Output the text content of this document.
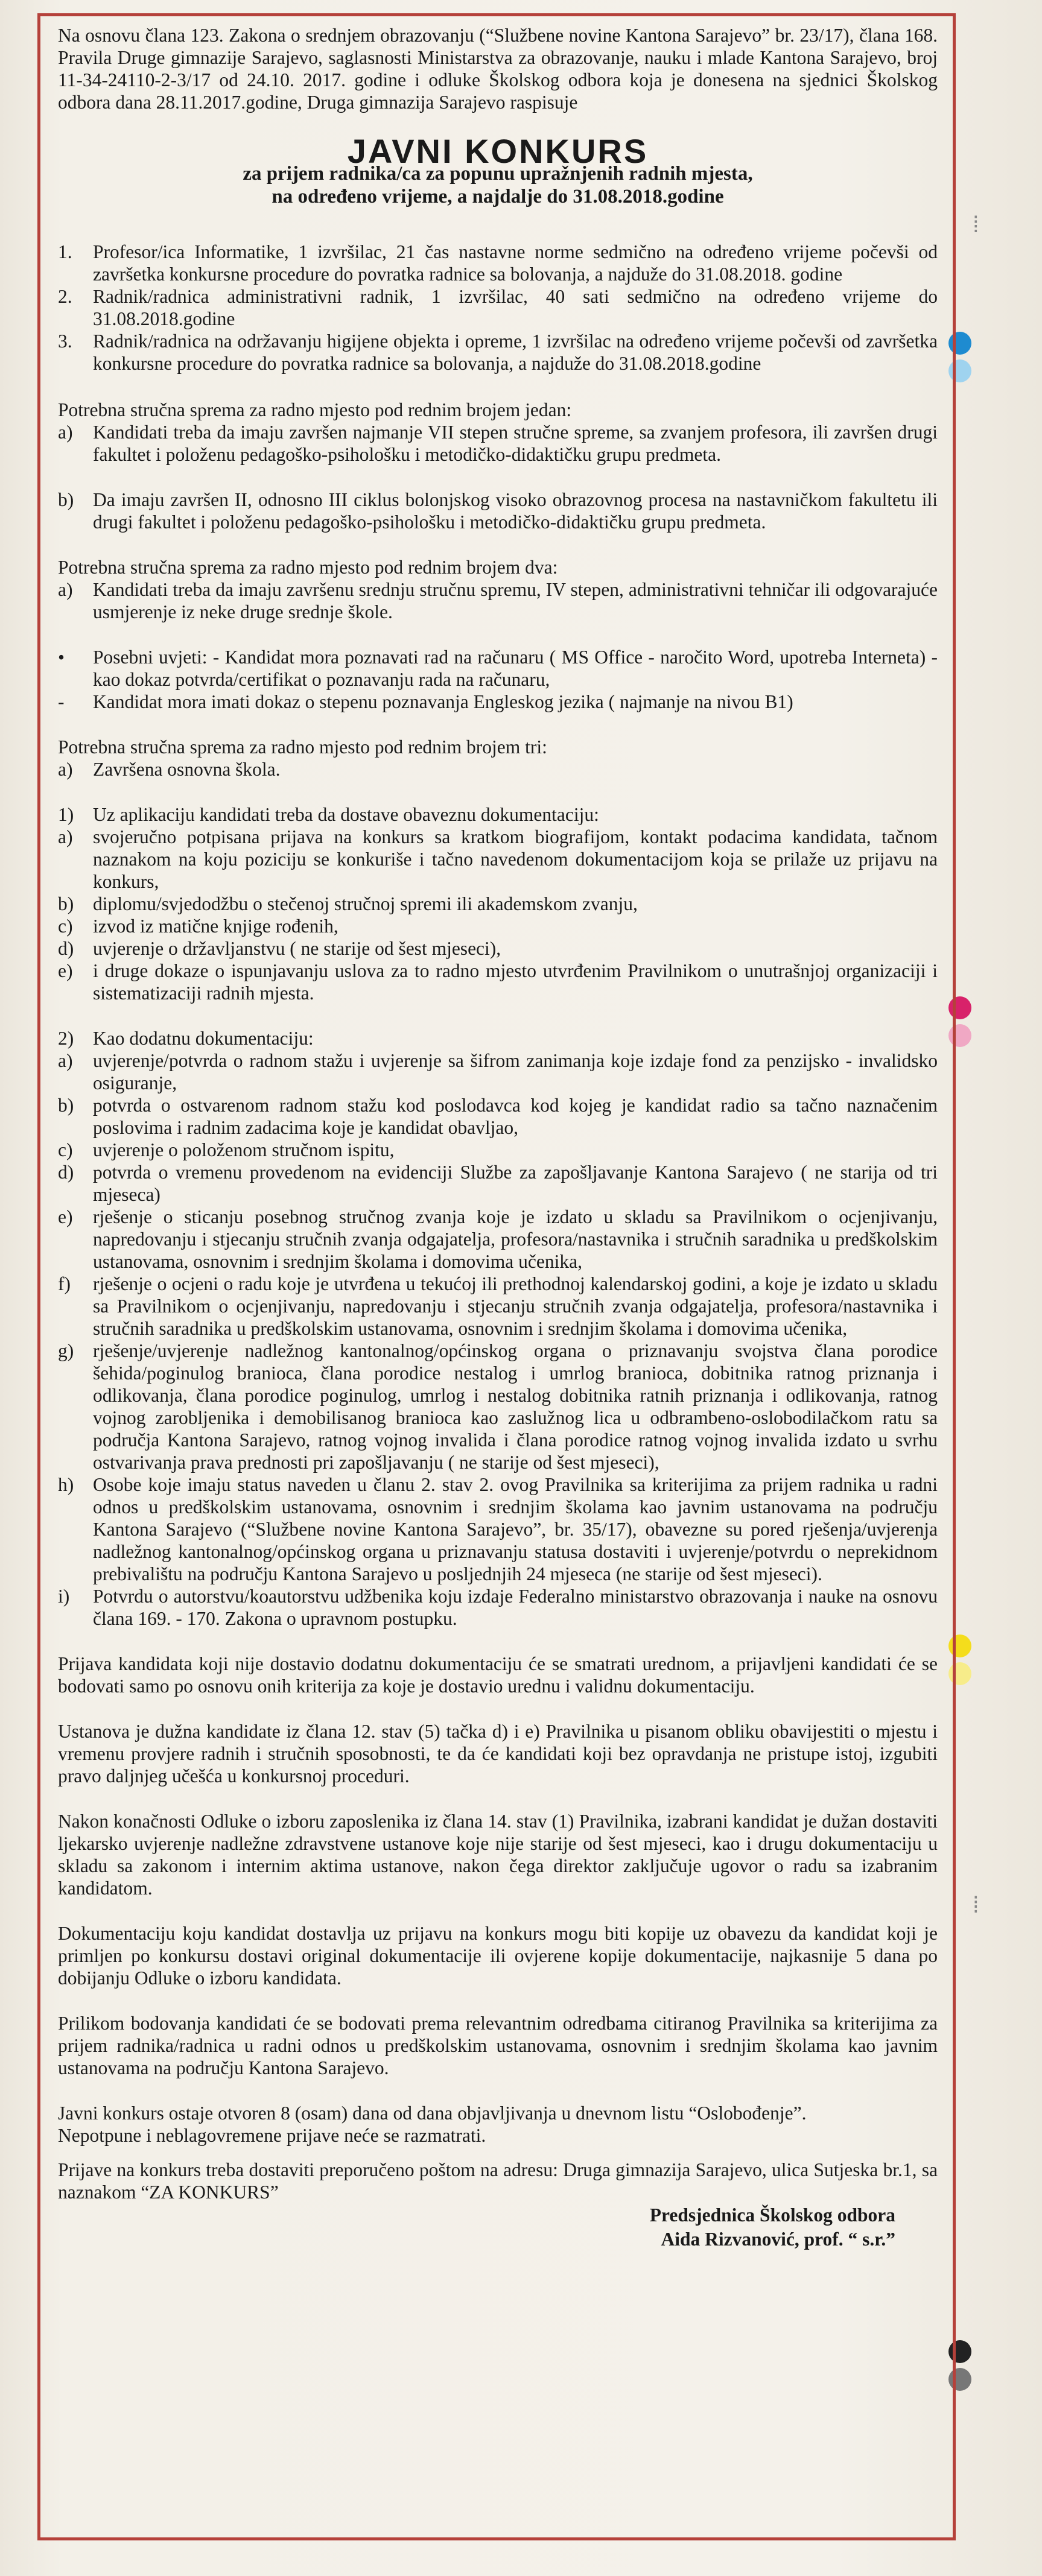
⁞
⁞

Na osnovu člana 123. Zakona o srednjem obrazovanju (“Službene novine Kantona Sarajevo” br. 23/17), člana 168. Pravila Druge gimnazije Sarajevo, saglasnosti Ministarstva za obrazovanje, nauku i mlade Kantona Sarajevo, broj 11-34-24110-2-3/17 od 24.10. 2017. godine i odluke Školskog odbora koja je donesena na sjednici Školskog odbora dana 28.11.2017.godine, Druga gimnazija Sarajevo raspisuje

JAVNI KONKURS

za prijem radnika/ca za popunu upražnjenih radnih mjesta,
na određeno vrijeme, a najdalje do 31.08.2018.godine

1.	Profesor/ica Informatike, 1 izvršilac, 21 čas nastavne norme sedmično na određeno vrijeme počevši od završetka konkursne procedure do povratka radnice sa bolovanja, a najduže do 31.08.2018. godine
2.	Radnik/radnica administrativni radnik, 1 izvršilac, 40 sati sedmično na određeno vrijeme do 31.08.2018.godine
3.	Radnik/radnica na održavanju higijene objekta i opreme, 1 izvršilac na određeno vrijeme počevši od završetka konkursne procedure do povratka radnice sa bolovanja, a najduže do 31.08.2018.godine

Potrebna stručna sprema za radno mjesto pod rednim brojem jedan:

a)	Kandidati treba da imaju završen najmanje VII stepen stručne spreme, sa zvanjem profesora, ili završen drugi fakultet i položenu pedagoško-psihološku i metodičko-didaktičku grupu predmeta.
b)	Da imaju završen II, odnosno III ciklus bolonjskog visoko obrazovnog procesa na nastavničkom fakultetu ili drugi fakultet i položenu pedagoško-psihološku i metodičko-didaktičku grupu predmeta.

Potrebna stručna sprema za radno mjesto pod rednim brojem dva:

a)	Kandidati treba da imaju završenu srednju stručnu spremu, IV stepen, administrativni tehničar ili odgovarajuće usmjerenje iz neke druge srednje škole.
•	Posebni uvjeti: - Kandidat mora poznavati rad na računaru ( MS Office - naročito Word, upotreba Interneta) - kao dokaz potvrda/certifikat o poznavanju rada na računaru,
-	Kandidat mora imati dokaz o stepenu poznavanja Engleskog jezika ( najmanje na nivou B1)

Potrebna stručna sprema za radno mjesto pod rednim brojem tri:

a)	Završena osnovna škola.
1)	Uz aplikaciju kandidati treba da dostave obaveznu dokumentaciju:
a)	svojeručno potpisana prijava na konkurs sa kratkom biografijom, kontakt podacima kandidata, tačnom naznakom na koju poziciju se konkuriše i tačno navedenom dokumentacijom koja se prilaže uz prijavu na konkurs,
b)	diplomu/svjedodžbu o stečenoj stručnoj spremi ili akademskom zvanju,
c)	izvod iz matične knjige rođenih,
d)	uvjerenje o državljanstvu ( ne starije od šest mjeseci),
e)	i druge dokaze o ispunjavanju uslova za to radno mjesto utvrđenim Pravilnikom o unutrašnjoj organizaciji i sistematizaciji radnih mjesta.
2)	Kao dodatnu dokumentaciju:
a)	uvjerenje/potvrda o radnom stažu i uvjerenje sa šifrom zanimanja koje izdaje fond za penzijsko - invalidsko osiguranje,
b)	potvrda o ostvarenom radnom stažu kod poslodavca kod kojeg je kandidat radio sa tačno naznačenim poslovima i radnim zadacima koje je kandidat obavljao,
c)	uvjerenje o položenom stručnom ispitu,
d)	potvrda o vremenu provedenom na evidenciji Službe za zapošljavanje Kantona Sarajevo ( ne starija od tri mjeseca)
e)	rješenje o sticanju posebnog stručnog zvanja koje je izdato u skladu sa Pravilnikom o ocjenjivanju, napredovanju i stjecanju stručnih zvanja odgajatelja, profesora/nastavnika i stručnih saradnika u predškolskim ustanovama, osnovnim i srednjim školama i domovima učenika,
f)	rješenje o ocjeni o radu koje je utvrđena u tekućoj ili prethodnoj kalendarskoj godini, a koje je izdato u skladu sa Pravilnikom o ocjenjivanju, napredovanju i stjecanju stručnih zvanja odgajatelja, profesora/nastavnika i stručnih saradnika u predškolskim ustanovama, osnovnim i srednjim školama i domovima učenika,
g)	rješenje/uvjerenje nadležnog kantonalnog/općinskog organa o priznavanju svojstva člana porodice šehida/poginulog branioca, člana porodice nestalog i umrlog branioca, dobitnika ratnog priznanja i odlikovanja, člana porodice poginulog, umrlog i nestalog dobitnika ratnih priznanja i odlikovanja, ratnog vojnog zarobljenika i demobilisanog branioca kao zaslužnog lica u odbrambeno-oslobodilačkom ratu sa područja Kantona Sarajevo, ratnog vojnog invalida i člana porodice ratnog vojnog invalida izdato u svrhu ostvarivanja prava prednosti pri zapošljavanju ( ne starije od šest mjeseci),
h)	Osobe koje imaju status naveden u članu 2. stav 2. ovog Pravilnika sa kriterijima za prijem radnika u radni odnos u predškolskim ustanovama, osnovnim i srednjim školama kao javnim ustanovama na području Kantona Sarajevo (“Službene novine Kantona Sarajevo”, br. 35/17), obavezne su pored rješenja/uvjerenja nadležnog kantonalnog/općinskog organa u priznavanju statusa dostaviti i uvjerenje/potvrdu o neprekidnom prebivalištu na području Kantona Sarajevo u posljednjih 24 mjeseca (ne starije od šest mjeseci).
i)	Potvrdu o autorstvu/koautorstvu udžbenika koju izdaje Federalno ministarstvo obrazovanja i nauke na osnovu člana 169. - 170. Zakona o upravnom postupku.

Prijava kandidata koji nije dostavio dodatnu dokumentaciju će se smatrati urednom, a prijavljeni kandidati će se bodovati samo po osnovu onih kriterija za koje je dostavio urednu i validnu dokumentaciju.

Ustanova je dužna kandidate iz člana 12. stav (5) tačka d) i e) Pravilnika u pisanom obliku obavijestiti o mjestu i vremenu provjere radnih i stručnih sposobnosti, te da će kandidati koji bez opravdanja ne pristupe istoj, izgubiti pravo daljnjeg učešća u konkursnoj proceduri.

Nakon konačnosti Odluke o izboru zaposlenika iz člana 14. stav (1) Pravilnika, izabrani kandidat je dužan dostaviti ljekarsko uvjerenje nadležne zdravstvene ustanove koje nije starije od šest mjeseci, kao i drugu dokumentaciju u skladu sa zakonom i internim aktima ustanove, nakon čega direktor zaključuje ugovor o radu sa izabranim kandidatom.

Dokumentaciju koju kandidat dostavlja uz prijavu na konkurs mogu biti kopije uz obavezu da kandidat koji je primljen po konkursu dostavi original dokumentacije ili ovjerene kopije dokumentacije, najkasnije 5 dana po dobijanju Odluke o izboru kandidata.

Prilikom bodovanja kandidati će se bodovati prema relevantnim odredbama citiranog Pravilnika sa kriterijima za prijem radnika/radnica u radni odnos u predškolskim ustanovama, osnovnim i srednjim školama kao javnim ustanovama na području Kantona Sarajevo.

Javni konkurs ostaje otvoren 8 (osam) dana od dana objavljivanja u dnevnom listu “Oslobođenje”.
Nepotpune i neblagovremene prijave neće se razmatrati.

Prijave na konkurs treba dostaviti preporučeno poštom na adresu: Druga gimnazija Sarajevo, ulica Sutjeska br.1, sa naznakom “ZA KONKURS”

Predsjednica Školskog odbora
Aida Rizvanović, prof. “ s.r.”
